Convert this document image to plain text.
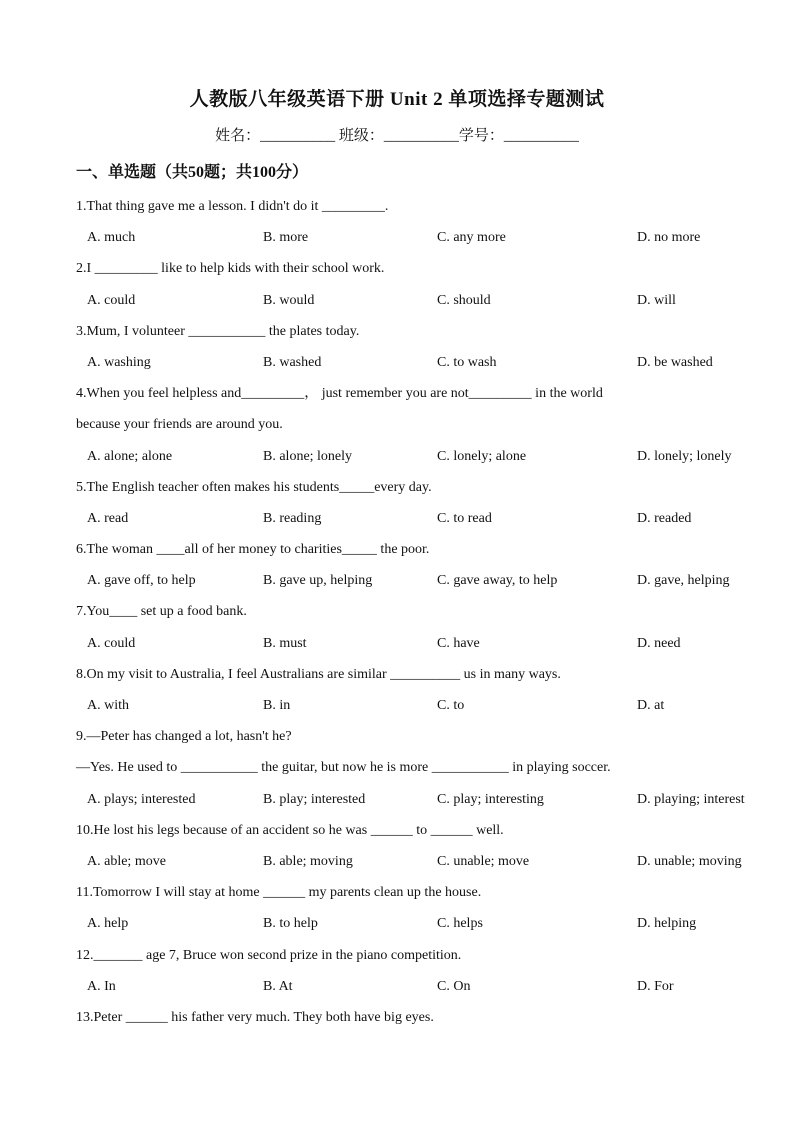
人教版八年级英语下册 Unit 2 单项选择专题测试
姓名：__________ 班级：__________学号：__________
一、单选题（共50题；共100分）
1.That thing gave me a lesson. I didn't do it _________.
A. much	B. more	C. any more	D. no more
2.I _________ like to help kids with their school work.
A. could	B. would	C. should	D. will
3.Mum, I volunteer ___________ the plates today.
A. washing	B. washed	C. to wash	D. be washed
4.When you feel helpless and_________， just remember you are not_________ in the world
because your friends are around you.
A. alone; alone	B. alone; lonely	C. lonely; alone	D. lonely; lonely
5.The English teacher often makes his students_____every day.
A. read	B. reading	C. to read	D. readed
6.The woman ____all of her money to charities_____ the poor.
A. gave off, to help	B. gave up, helping	C. gave away, to help	D. gave, helping
7.You____ set up a food bank.
A. could	B. must	C. have	D. need
8.On my visit to Australia, I feel Australians are similar __________ us in many ways.
A. with	B. in	C. to	D. at
9.—Peter has changed a lot, hasn't he?
—Yes. He used to ___________ the guitar, but now he is more ___________ in playing soccer.
A. plays; interested	B. play; interested	C. play; interesting	D. playing; interest
10.He lost his legs because of an accident so he was ______ to ______ well.
A. able; move	B. able; moving	C. unable; move	D. unable; moving
11.Tomorrow I will stay at home ______ my parents clean up the house.
A. help	B. to help	C. helps	D. helping
12._______ age 7, Bruce won second prize in the piano competition.
A. In	B. At	C. On	D. For
13.Peter ______ his father very much. They both have big eyes.
